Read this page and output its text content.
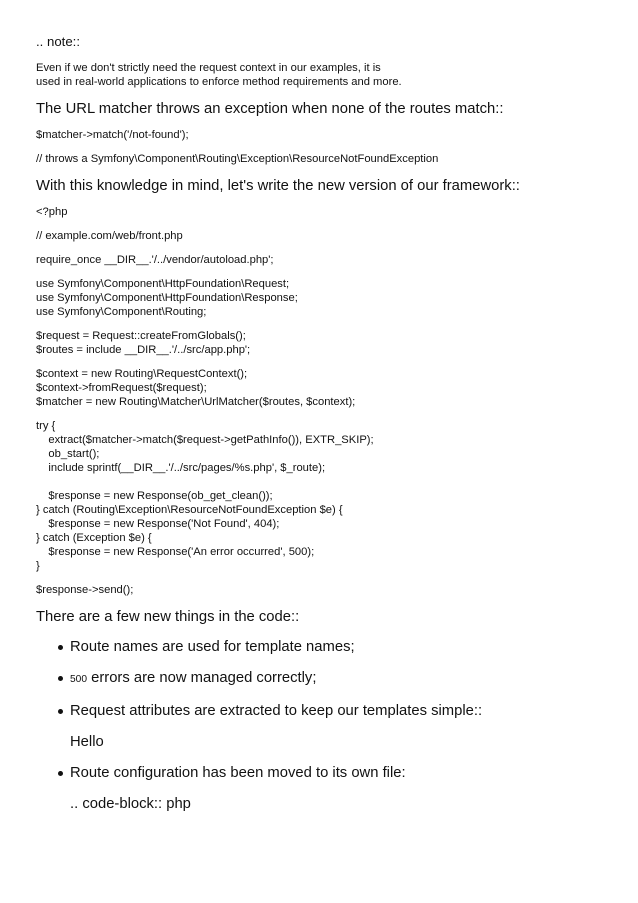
.. note::
Even if we don't strictly need the request context in our examples, it is
used in real-world applications to enforce method requirements and more.
The URL matcher throws an exception when none of the routes match::
$matcher->match('/not-found');
// throws a Symfony\Component\Routing\Exception\ResourceNotFoundException
With this knowledge in mind, let's write the new version of our framework::
<?php
// example.com/web/front.php
require_once __DIR__.'/../vendor/autoload.php';
use Symfony\Component\HttpFoundation\Request;
use Symfony\Component\HttpFoundation\Response;
use Symfony\Component\Routing;
$request = Request::createFromGlobals();
$routes = include __DIR__.'/../src/app.php';
$context = new Routing\RequestContext();
$context->fromRequest($request);
$matcher = new Routing\Matcher\UrlMatcher($routes, $context);
try {
extract($matcher->match($request->getPathInfo()), EXTR_SKIP);
ob_start();
include sprintf(__DIR__.'/../src/pages/%s.php', $_route);

$response = new Response(ob_get_clean());
} catch (Routing\Exception\ResourceNotFoundException $e) {
$response = new Response('Not Found', 404);
} catch (Exception $e) {
$response = new Response('An error occurred', 500);
}
$response->send();
There are a few new things in the code::
Route names are used for template names;
500 errors are now managed correctly;
Request attributes are extracted to keep our templates simple::
Hello
Route configuration has been moved to its own file:
.. code-block:: php
